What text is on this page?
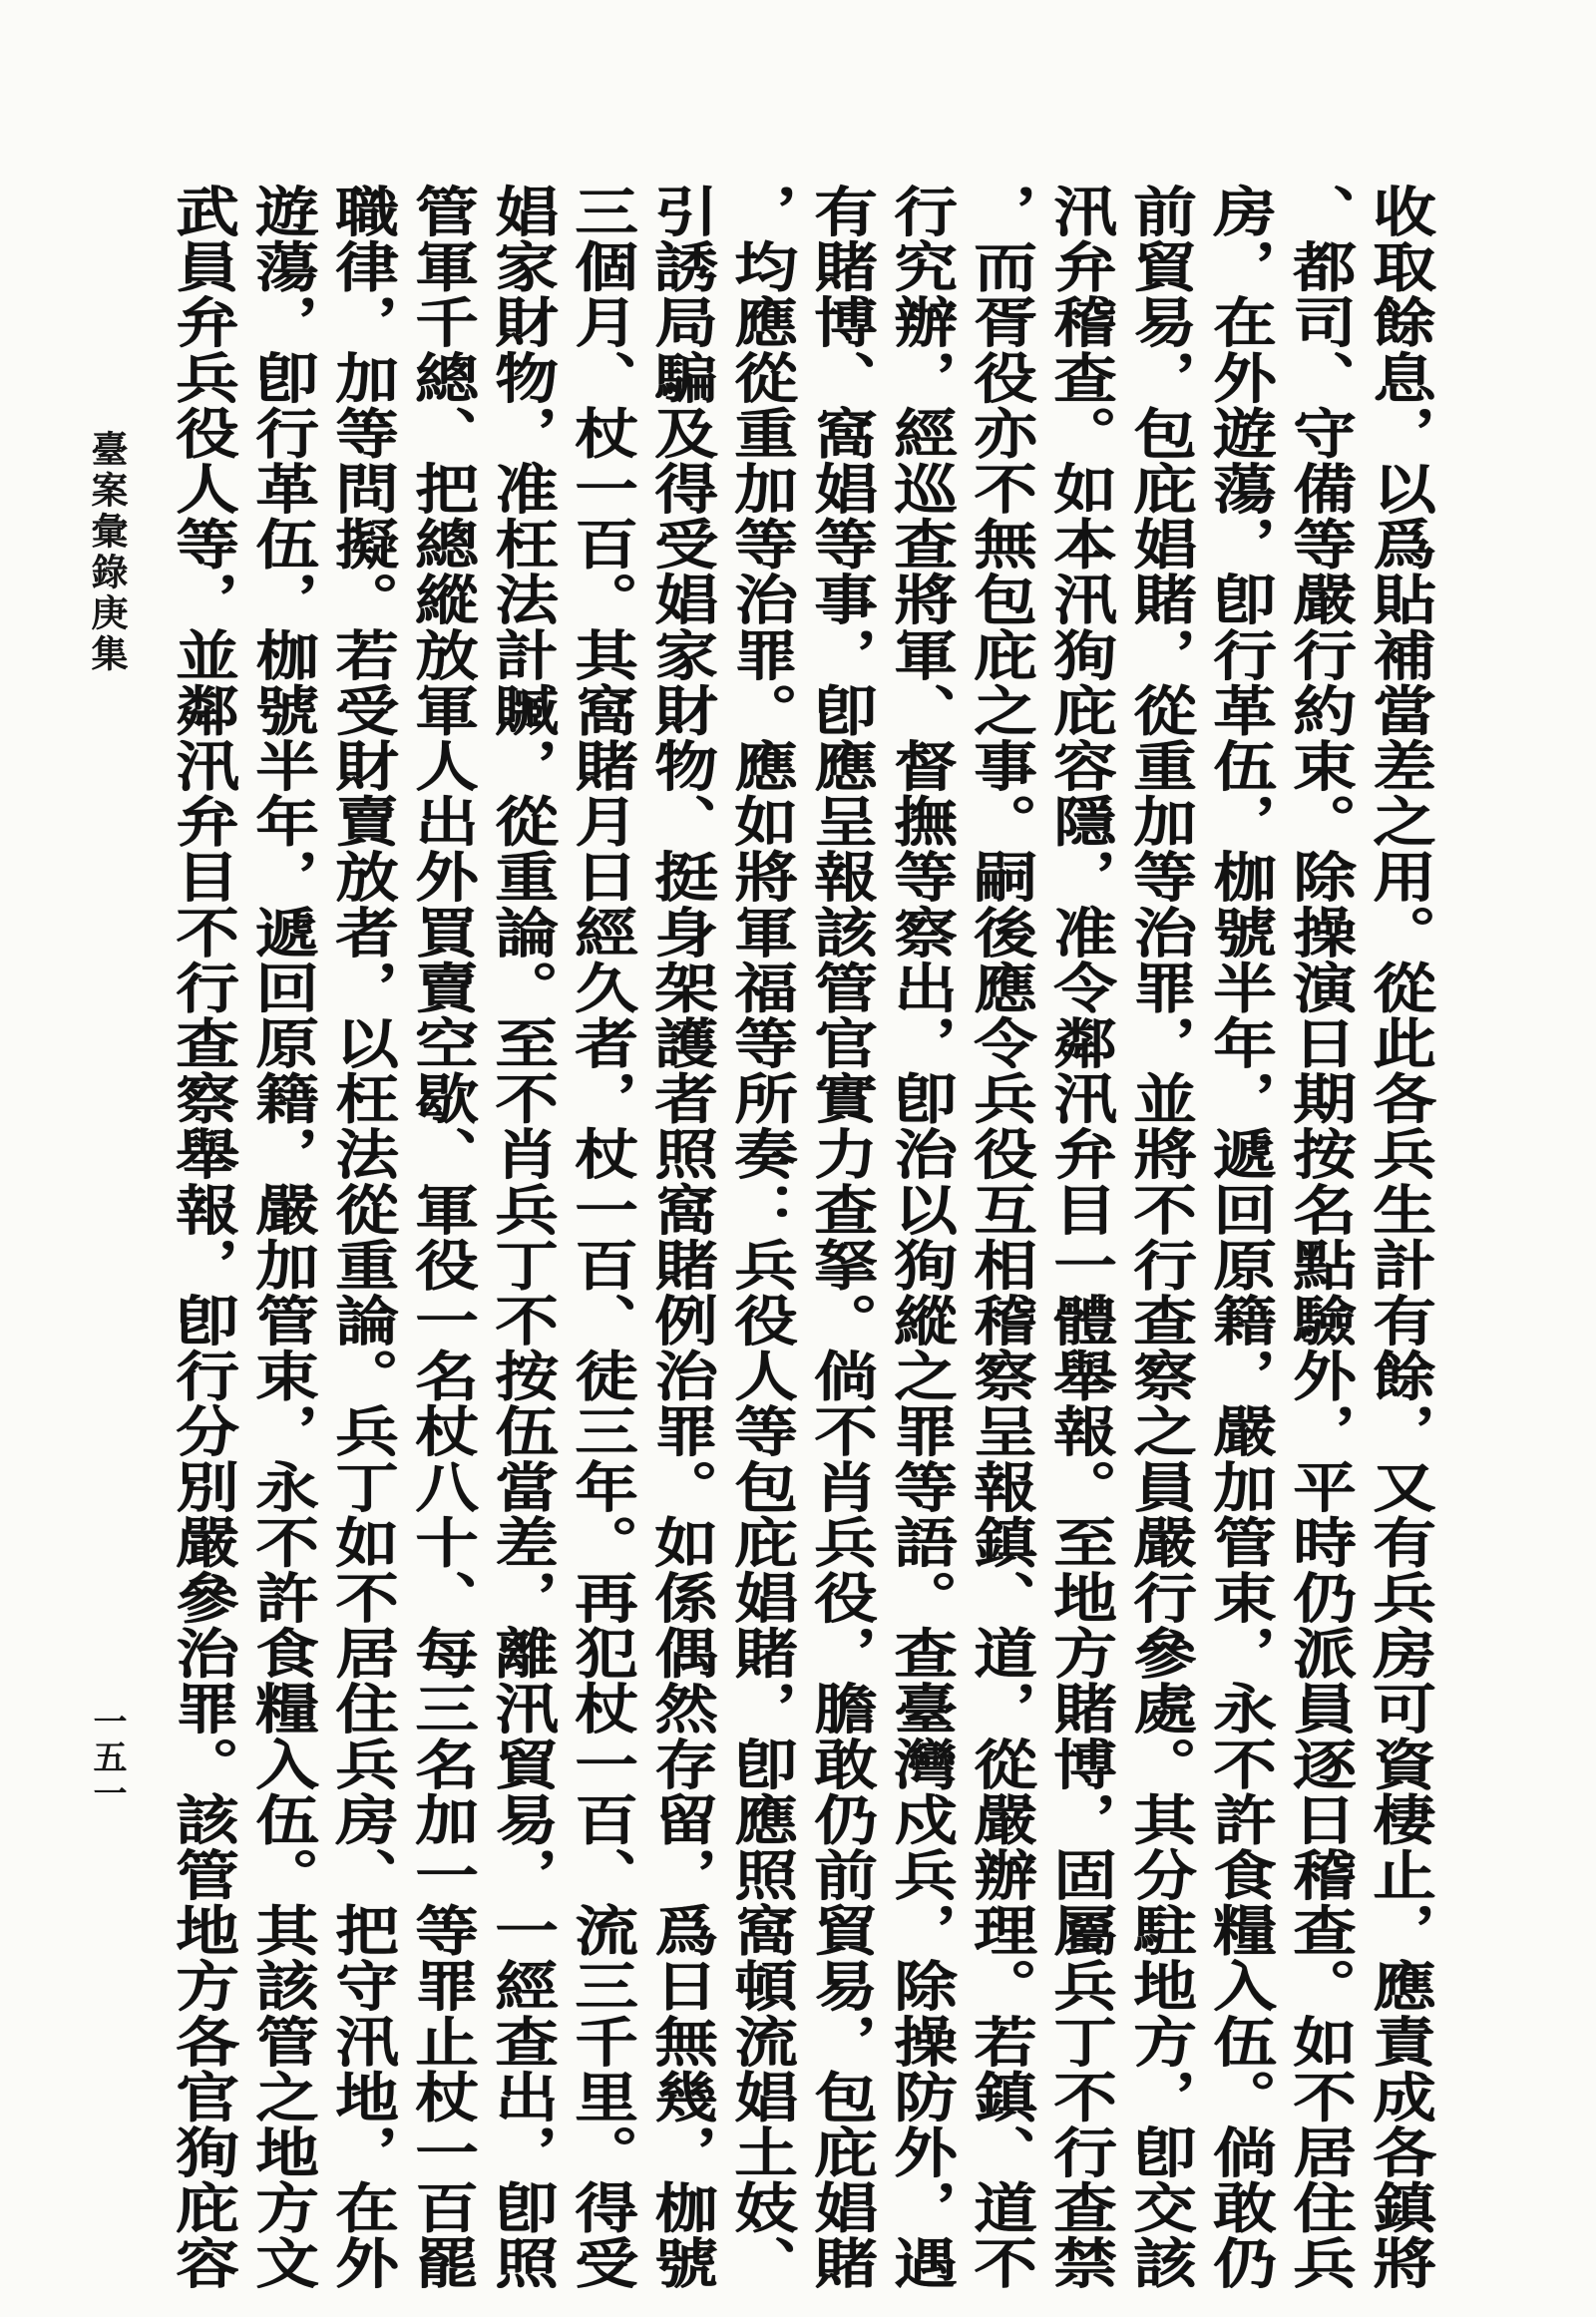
收取餘息，以爲貼補當差之用。從此各兵生計有餘，又有兵房可資棲止，應責成各鎮將
、都司、守備等嚴行約束。除操演日期按名點驗外，平時仍派員逐日稽查。如不居住兵
房，在外遊蕩，卽行革伍，枷號半年，遞回原籍，嚴加管束，永不許食糧入伍。倘敢仍
前貿易，包庇娼賭，從重加等治罪，並將不行查察之員嚴行參處。其分駐地方，卽交該
汛弁稽查。如本汛狥庇容隱，准令鄰汛弁目一體舉報。至地方賭博，固屬兵丁不行查禁
，而胥役亦不無包庇之事。嗣後應令兵役互相稽察呈報鎮、道，從嚴辦理。若鎮、道不
行究辦，經巡查將軍、督撫等察出，卽治以狥縱之罪等語。查臺灣戍兵，除操防外，遇
有賭博、窩娼等事，卽應呈報該管官實力查拏。倘不肖兵役，膽敢仍前貿易，包庇娼賭
，均應從重加等治罪。應如將軍福等所奏：兵役人等包庇娼賭，卽應照窩頓流娼土妓、
引誘局騙及得受娼家財物、挺身架護者照窩賭例治罪。如係偶然存留，爲日無幾，枷號
三個月、杖一百。其窩賭月日經久者，杖一百、徒三年。再犯杖一百、流三千里。得受
娼家財物，准枉法計贓，從重論。至不肖兵丁不按伍當差，離汛貿易，一經查出，卽照
管軍千總、把總縱放軍人出外買賣空歇、軍役一名杖八十、每三名加一等罪止杖一百罷
職律，加等問擬。若受財賣放者，以枉法從重論。兵丁如不居住兵房、把守汛地，在外
遊蕩，卽行革伍，枷號半年，遞回原籍，嚴加管束，永不許食糧入伍。其該管之地方文
武員弁兵役人等，並鄰汛弁目不行查察舉報，卽行分別嚴參治罪。該管地方各官狥庇容
臺案彙錄庚集
一五一
